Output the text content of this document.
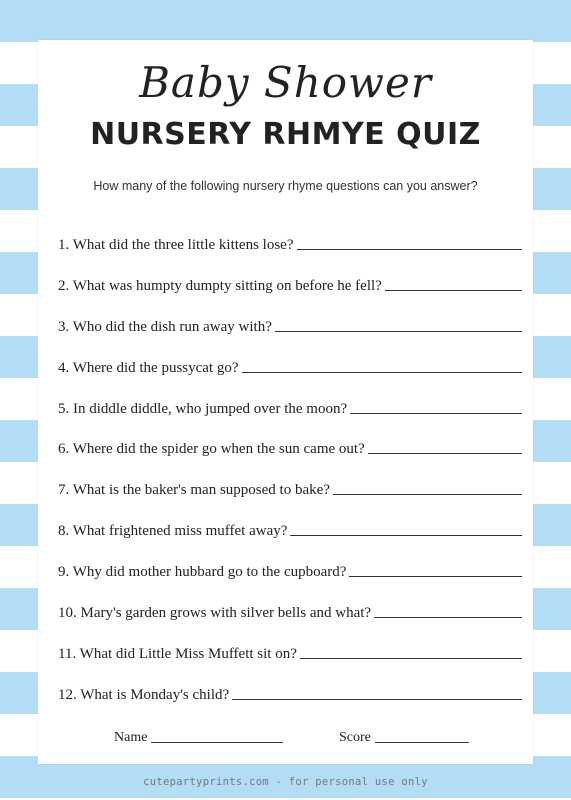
Baby Shower
NURSERY RHMYE QUIZ
How many of the following nursery rhyme questions can you answer?
1. What did the three little kittens lose?
2. What was humpty dumpty sitting on before he fell?
3. Who did the dish run away with?
4. Where did the pussycat go?
5. In diddle diddle, who jumped over the moon?
6. Where did the spider go when the sun came out?
7. What is the baker's man supposed to bake?
8. What frightened miss muffet away?
9. Why did mother hubbard go to the cupboard?
10. Mary's garden grows with silver bells and what?
11. What did Little Miss Muffett sit on?
12. What is Monday's child?
Name	Score
cutepartyprints.com - for personal use only
